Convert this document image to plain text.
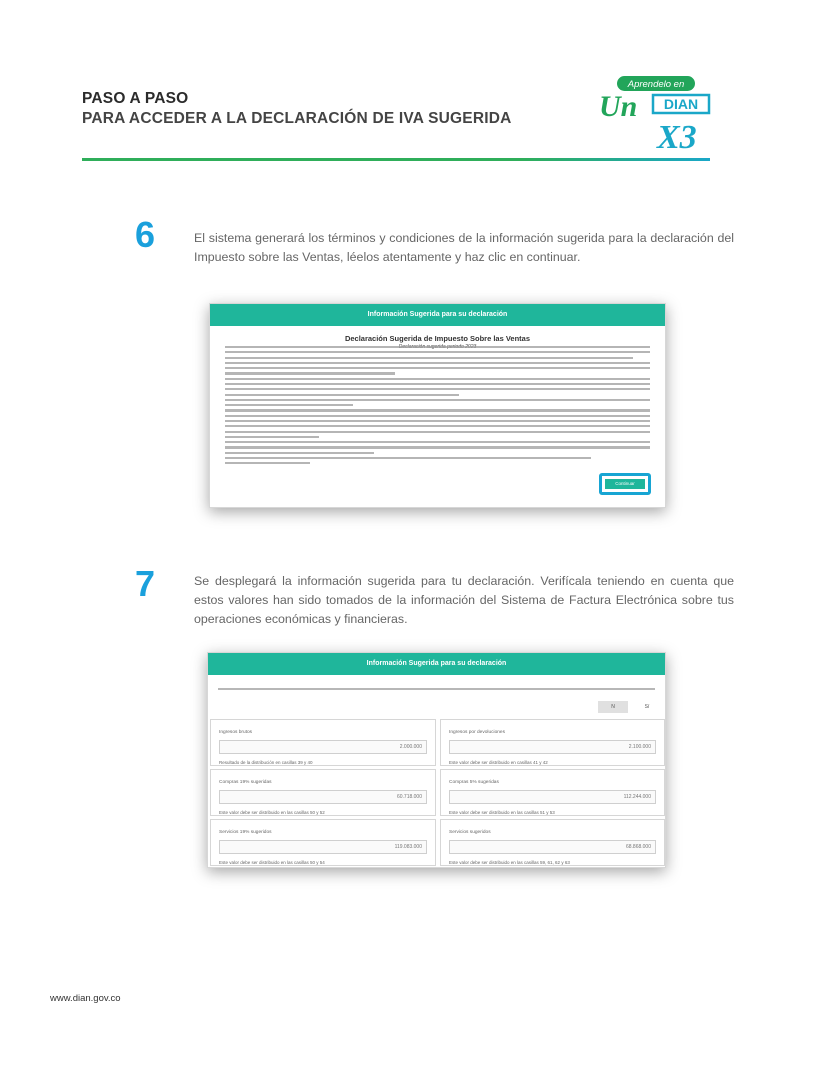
PASO A PASO
PARA ACCEDER A LA DECLARACIÓN DE IVA SUGERIDA
Aprendelo en
Un DIAN
X3
6	El sistema generará los términos y condiciones de la información sugerida para la declaración del Impuesto sobre las Ventas, léelos atentamente y haz clic en continuar.
Información Sugerida para su declaración
Declaración Sugerida de Impuesto Sobre las Ventas
Continuar
7	Se desplegará la información sugerida para tu declaración. Verifícala teniendo en cuenta que estos valores han sido tomados de la información del Sistema de Factura Electrónica sobre tus operaciones económicas y financieras.
Información Sugerida para su declaración
N	Sí
Ingresos brutos
2.000.000
Resultado de la distribución en casillas 39 y 40
Ingresos por devoluciones
2.100.000
Este valor debe ser distribuido en casillas 41 y 42
Compras 19% sugeridas
60.718.000
Este valor debe ser distribuido en las casillas 50 y 52
Compras 5% sugeridas
112.244.000
Este valor debe ser distribuido en las casillas 51 y 53
Servicios 19% sugeridos
119.083.000
Este valor debe ser distribuido en las casillas 50 y 54
Servicios sugeridos
68.868.000
Este valor debe ser distribuido en las casillas 59, 61, 62 y 63
www.dian.gov.co
